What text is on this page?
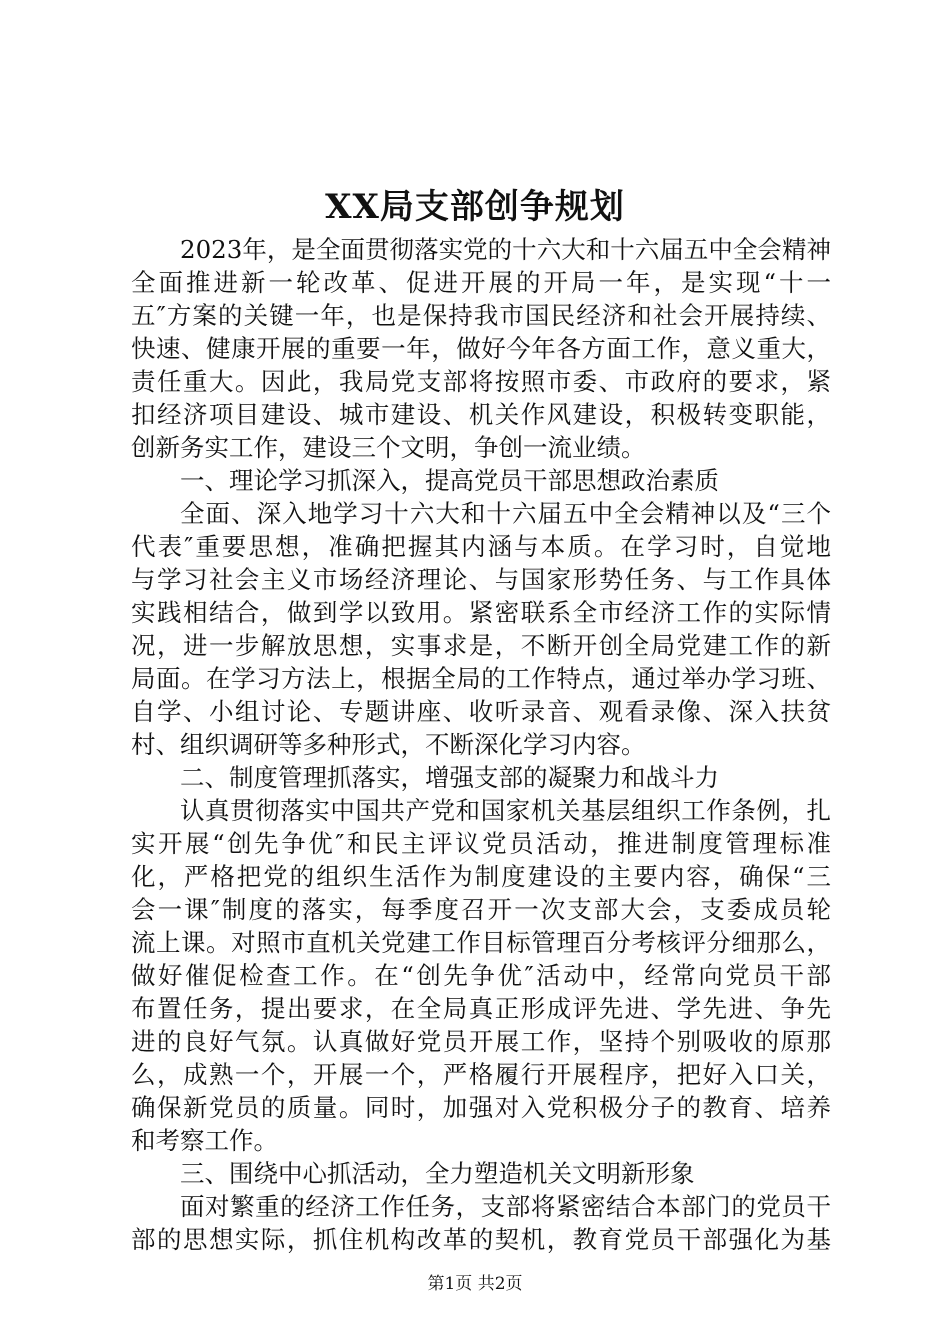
XX局支部创争规划
2023年，是全面贯彻落实党的十六大和十六届五中全会精神
全面推进新一轮改革、促进开展的开局一年，是实现“十一
五″方案的关键一年，也是保持我市国民经济和社会开展持续、
快速、健康开展的重要一年，做好今年各方面工作，意义重大，
责任重大。因此，我局党支部将按照市委、市政府的要求，紧
扣经济项目建设、城市建设、机关作风建设，积极转变职能，
创新务实工作，建设三个文明，争创一流业绩。
一、理论学习抓深入，提高党员干部思想政治素质
全面、深入地学习十六大和十六届五中全会精神以及“三个
代表″重要思想，准确把握其内涵与本质。在学习时，自觉地
与学习社会主义市场经济理论、与国家形势任务、与工作具体
实践相结合，做到学以致用。紧密联系全市经济工作的实际情
况，进一步解放思想，实事求是，不断开创全局党建工作的新
局面。在学习方法上，根据全局的工作特点，通过举办学习班、
自学、小组讨论、专题讲座、收听录音、观看录像、深入扶贫
村、组织调研等多种形式，不断深化学习内容。
二、制度管理抓落实，增强支部的凝聚力和战斗力
认真贯彻落实中国共产党和国家机关基层组织工作条例，扎
实开展“创先争优″和民主评议党员活动，推进制度管理标准
化，严格把党的组织生活作为制度建设的主要内容，确保“三
会一课″制度的落实，每季度召开一次支部大会，支委成员轮
流上课。对照市直机关党建工作目标管理百分考核评分细那么，
做好催促检查工作。在“创先争优″活动中，经常向党员干部
布置任务，提出要求，在全局真正形成评先进、学先进、争先
进的良好气氛。认真做好党员开展工作，坚持个别吸收的原那
么，成熟一个，开展一个，严格履行开展程序，把好入口关，
确保新党员的质量。同时，加强对入党积极分子的教育、培养
和考察工作。
三、围绕中心抓活动，全力塑造机关文明新形象
面对繁重的经济工作任务，支部将紧密结合本部门的党员干
部的思想实际，抓住机构改革的契机，教育党员干部强化为基
第1页 共2页
